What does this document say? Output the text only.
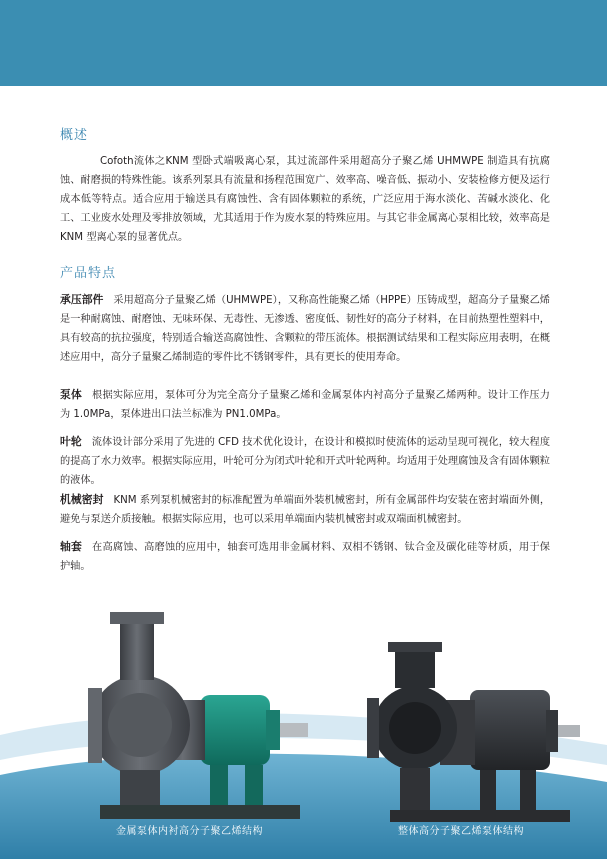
概述

Cofoth流体之KNM 型卧式端吸离心泵，其过流部件采用超高分子聚乙烯 UHMWPE 制造具有抗腐蚀、耐磨损的特殊性能。该系列泵具有流量和扬程范围宽广、效率高、噪音低、振动小、安装检修方便及运行成本低等特点。适合应用于输送具有腐蚀性、含有固体颗粒的系统，广泛应用于海水淡化、苦碱水淡化、化工、工业废水处理及零排放领域，尤其适用于作为废水泵的特殊应用。与其它非金属离心泵相比较，效率高是 KNM 型离心泵的显著优点。

产品特点

承压部件 采用超高分子量聚乙烯（UHMWPE），又称高性能聚乙烯（HPPE）压铸成型，超高分子量聚乙烯是一种耐腐蚀、耐磨蚀、无味环保、无毒性、无渗透、密度低、韧性好的高分子材料，在目前热塑性塑料中，具有较高的抗拉强度，特别适合输送高腐蚀性、含颗粒的带压流体。根据测试结果和工程实际应用表明，在概述应用中，高分子量聚乙烯制造的零件比不锈钢零件，具有更长的使用寿命。

泵体 根据实际应用，泵体可分为完全高分子量聚乙烯和金属泵体内衬高分子量聚乙烯两种。设计工作压力为 1.0MPa，泵体进出口法兰标准为 PN1.0MPa。

叶轮 流体设计部分采用了先进的 CFD 技术优化设计，在设计和模拟时使流体的运动呈现可视化，较大程度的提高了水力效率。根据实际应用，叶轮可分为闭式叶轮和开式叶轮两种。均适用于处理腐蚀及含有固体颗粒的液体。

机械密封 KNM 系列泵机械密封的标准配置为单端面外装机械密封，所有金属部件均安装在密封端面外侧，避免与泵送介质接触。根据实际应用，也可以采用单端面内装机械密封或双端面机械密封。

轴套 在高腐蚀、高磨蚀的应用中，轴套可选用非金属材料、双相不锈钢、钛合金及碳化硅等材质，用于保护轴。

金属泵体内衬高分子聚乙烯结构	整体高分子聚乙烯泵体结构
